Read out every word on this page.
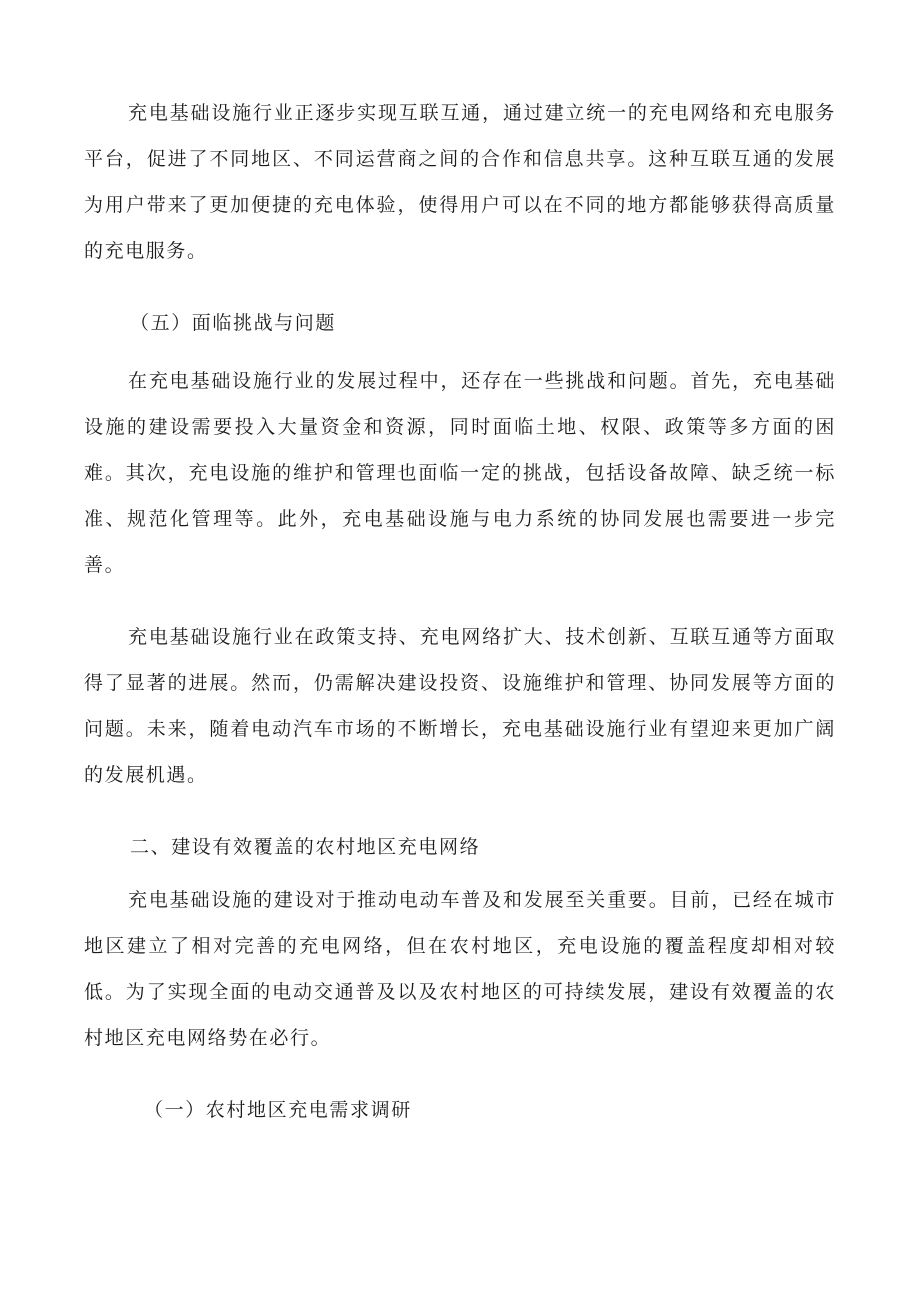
充电基础设施行业正逐步实现互联互通，通过建立统一的充电网络和充电服务平台，促进了不同地区、不同运营商之间的合作和信息共享。这种互联互通的发展为用户带来了更加便捷的充电体验，使得用户可以在不同的地方都能够获得高质量的充电服务。

（五）面临挑战与问题

在充电基础设施行业的发展过程中，还存在一些挑战和问题。首先，充电基础设施的建设需要投入大量资金和资源，同时面临土地、权限、政策等多方面的困难。其次，充电设施的维护和管理也面临一定的挑战，包括设备故障、缺乏统一标准、规范化管理等。此外，充电基础设施与电力系统的协同发展也需要进一步完善。

充电基础设施行业在政策支持、充电网络扩大、技术创新、互联互通等方面取得了显著的进展。然而，仍需解决建设投资、设施维护和管理、协同发展等方面的问题。未来，随着电动汽车市场的不断增长，充电基础设施行业有望迎来更加广阔的发展机遇。

二、建设有效覆盖的农村地区充电网络

充电基础设施的建设对于推动电动车普及和发展至关重要。目前，已经在城市地区建立了相对完善的充电网络，但在农村地区，充电设施的覆盖程度却相对较低。为了实现全面的电动交通普及以及农村地区的可持续发展，建设有效覆盖的农村地区充电网络势在必行。

（一）农村地区充电需求调研
